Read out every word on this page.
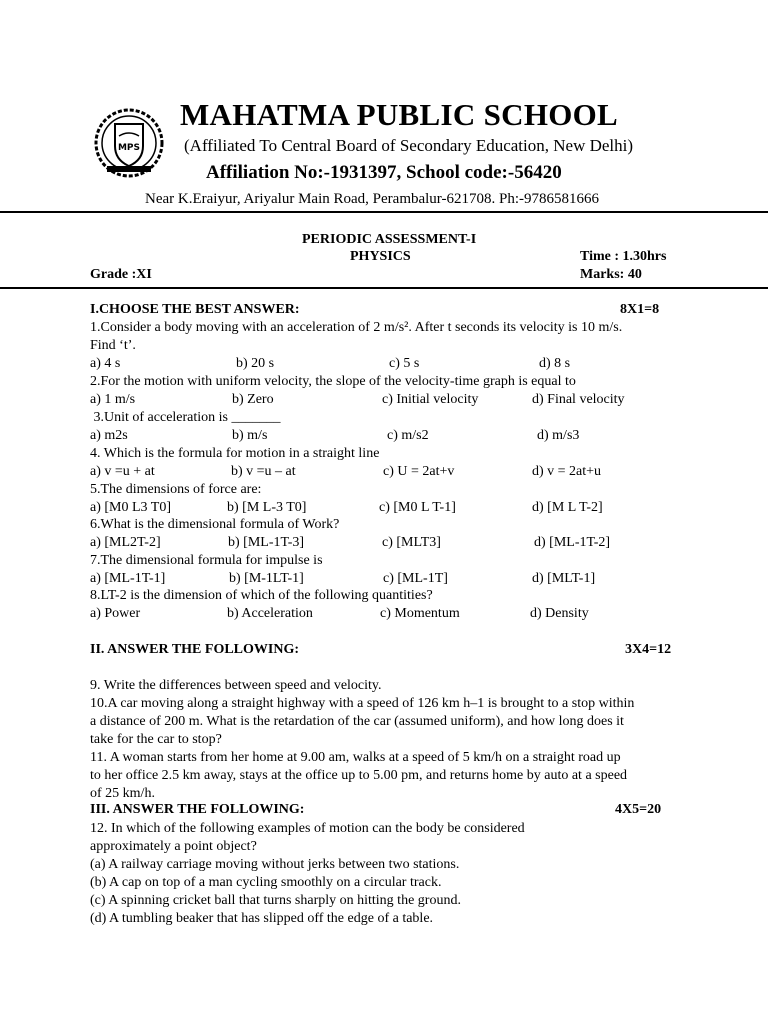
MPS
MAHATMA PUBLIC SCHOOL
(Affiliated To Central Board of Secondary Education, New Delhi)
Affiliation No:-1931397, School code:-56420
Near K.Eraiyur, Ariyalur Main Road, Perambalur-621708. Ph:-9786581666
PERIODIC ASSESSMENT-I
PHYSICS	Time : 1.30hrs
Grade :XI	Marks: 40
I.CHOOSE THE BEST ANSWER:	8X1=8

1.Consider a body moving with an acceleration of 2 m/s². After t seconds its velocity is 10 m/s.

Find ‘t’.

a) 4 s	b) 20 s	c) 5 s	d) 8 s

2.For the motion with uniform velocity, the slope of the velocity-time graph is equal to

a) 1 m/s	b) Zero	c) Initial velocity	d) Final velocity

3.Unit of acceleration is _______

a) m2s	b) m/s	c) m/s2	d) m/s3

4. Which is the formula for motion in a straight line

a) v =u + at	b) v =u – at	c) U = 2at+v	d) v = 2at+u

5.The dimensions of force are:

a) [M0 L3 T0]	b) [M L-3 T0]	c) [M0 L T-1]	d) [M L T-2]

6.What is the dimensional formula of Work?

a) [ML2T-2]	b) [ML-1T-3]	c) [MLT3]	d) [ML-1T-2]

7.The dimensional formula for impulse is

a) [ML-1T-1]	b) [M-1LT-1]	c) [ML-1T]	d) [MLT-1]

8.LT-2 is the dimension of which of the following quantities?

a) Power	b) Acceleration	c) Momentum	d) Density
II. ANSWER THE FOLLOWING:	3X4=12

9. Write the differences between speed and velocity.

10.A car moving along a straight highway with a speed of 126 km h–1 is brought to a stop within

a distance of 200 m. What is the retardation of the car (assumed uniform), and how long does it

take for the car to stop?

11. A woman starts from her home at 9.00 am, walks at a speed of 5 km/h on a straight road up

to her office 2.5 km away, stays at the office up to 5.00 pm, and returns home by auto at a speed

of 25 km/h.

III. ANSWER THE FOLLOWING:	4X5=20

12. In which of the following examples of motion can the body be considered

approximately a point object?

(a) A railway carriage moving without jerks between two stations.

(b) A cap on top of a man cycling smoothly on a circular track.

(c) A spinning cricket ball that turns sharply on hitting the ground.

(d) A tumbling beaker that has slipped off the edge of a table.
